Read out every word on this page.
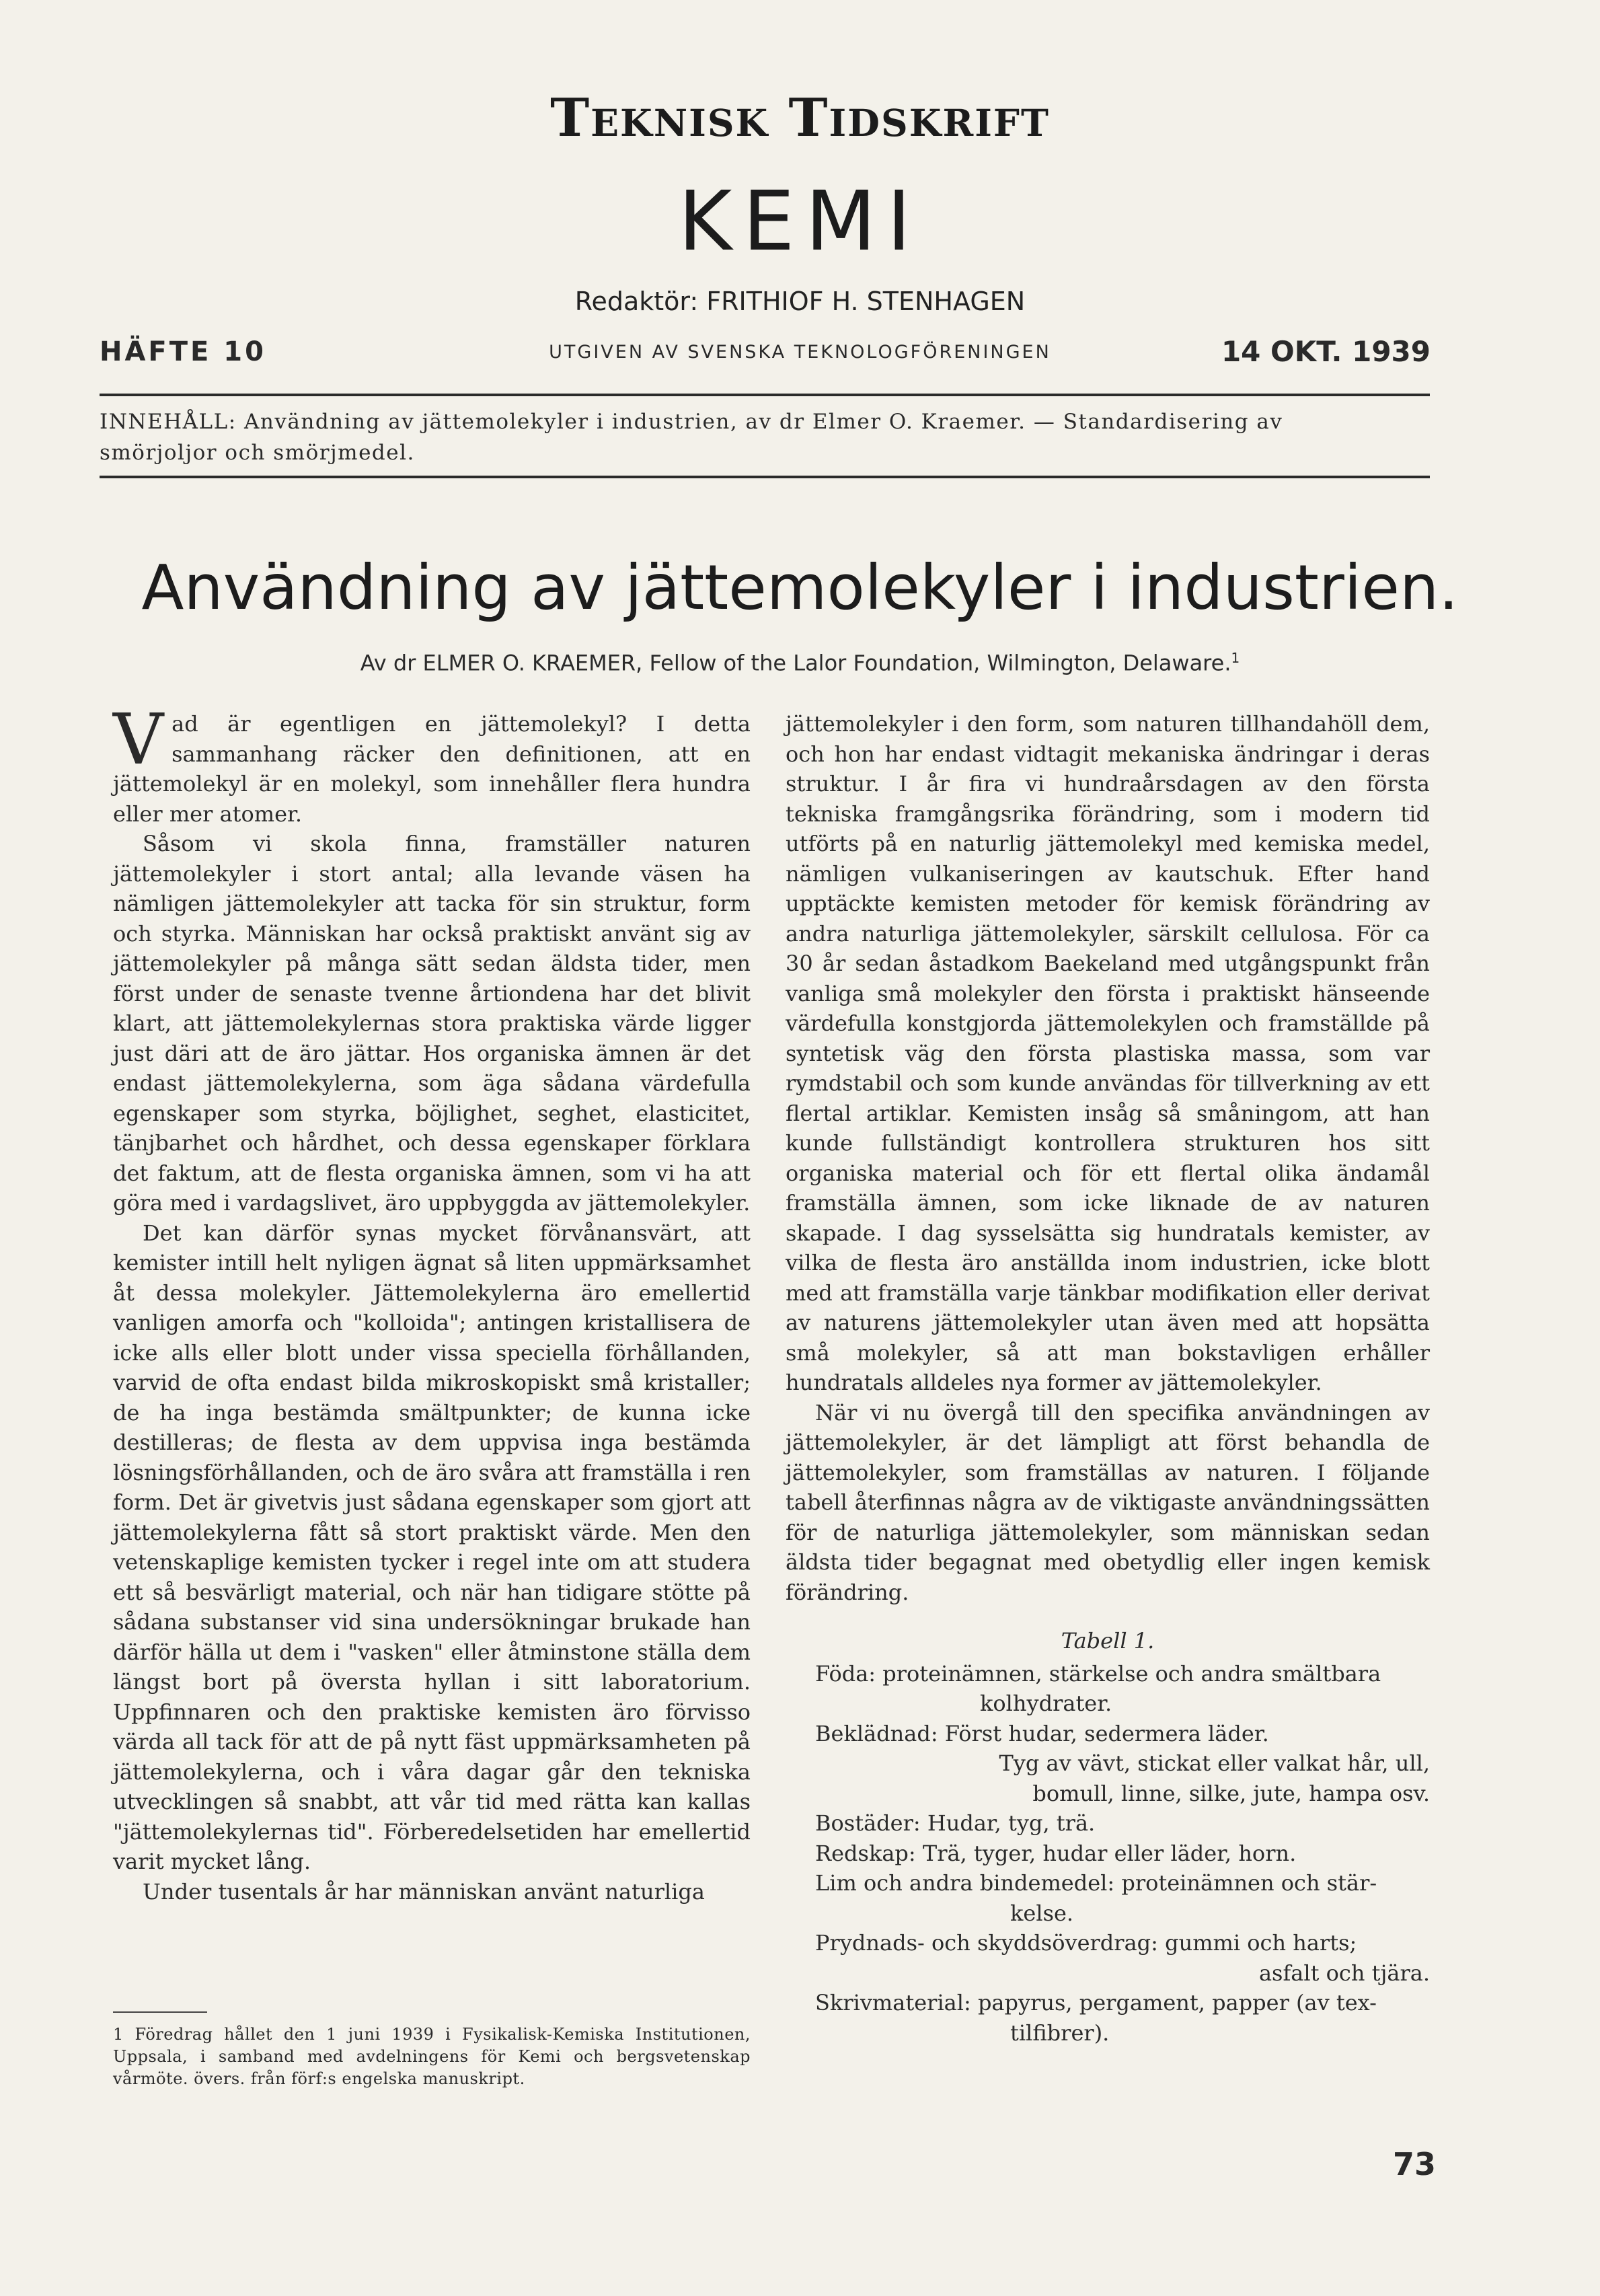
Teknisk Tidskrift
KEMI
Redaktör: FRITHIOF H. STENHAGEN
HÄFTE 10	UTGIVEN AV SVENSKA TEKNOLOGFÖRENINGEN	14 OKT. 1939
INNEHÅLL: Användning av jättemolekyler i industrien, av dr Elmer O. Kraemer. — Standardisering av
smörjoljor och smörjmedel.
Användning av jättemolekyler i industrien.
Av dr ELMER O. KRAEMER, Fellow of the Lalor Foundation, Wilmington, Delaware.$^1$

Vad är egentligen en jättemolekyl? I detta sammanhang räcker den definitionen, att en jättemolekyl är en molekyl, som innehåller flera hundra eller mer atomer.

Såsom vi skola finna, framställer naturen jättemolekyler i stort antal; alla levande väsen ha nämligen jättemolekyler att tacka för sin struktur, form och styrka. Människan har också praktiskt använt sig av jättemolekyler på många sätt sedan äldsta tider, men först under de senaste tvenne årtiondena har det blivit klart, att jättemolekylernas stora praktiska värde ligger just däri att de äro jättar. Hos organiska ämnen är det endast jättemolekylerna, som äga sådana värdefulla egenskaper som styrka, böjlighet, seghet, elasticitet, tänjbarhet och hårdhet, och dessa egenskaper förklara det faktum, att de flesta organiska ämnen, som vi ha att göra med i vardagslivet, äro uppbyggda av jättemolekyler.

Det kan därför synas mycket förvånansvärt, att kemister intill helt nyligen ägnat så liten uppmärksamhet åt dessa molekyler. Jättemolekylerna äro emellertid vanligen amorfa och "kolloida"; antingen kristallisera de icke alls eller blott under vissa speciella förhållanden, varvid de ofta endast bilda mikroskopiskt små kristaller; de ha inga bestämda smältpunkter; de kunna icke destilleras; de flesta av dem uppvisa inga bestämda lösningsförhållanden, och de äro svåra att framställa i ren form. Det är givetvis just sådana egenskaper som gjort att jättemolekylerna fått så stort praktiskt värde. Men den vetenskaplige kemisten tycker i regel inte om att studera ett så besvärligt material, och när han tidigare stötte på sådana substanser vid sina undersökningar brukade han därför hälla ut dem i "vasken" eller åtminstone ställa dem längst bort på översta hyllan i sitt laboratorium. Uppfinnaren och den praktiske kemisten äro förvisso värda all tack för att de på nytt fäst uppmärksamheten på jättemolekylerna, och i våra dagar går den tekniska utvecklingen så snabbt, att vår tid med rätta kan kallas "jättemolekylernas tid". Förberedelsetiden har emellertid varit mycket lång.

Under tusentals år har människan använt naturliga

1 Föredrag hållet den 1 juni 1939 i Fysikalisk-Kemiska Institutionen, Uppsala, i samband med avdelningens för Kemi och bergsvetenskap vårmöte. övers. från förf:s engelska manuskript.

jättemolekyler i den form, som naturen tillhandahöll dem, och hon har endast vidtagit mekaniska ändringar i deras struktur. I år fira vi hundraårsdagen av den första tekniska framgångsrika förändring, som i modern tid utförts på en naturlig jättemolekyl med kemiska medel, nämligen vulkaniseringen av kautschuk. Efter hand upptäckte kemisten metoder för kemisk förändring av andra naturliga jättemolekyler, särskilt cellulosa. För ca 30 år sedan åstadkom Baekeland med utgångspunkt från vanliga små molekyler den första i praktiskt hänseende värdefulla konstgjorda jättemolekylen och framställde på syntetisk väg den första plastiska massa, som var rymdstabil och som kunde användas för tillverkning av ett flertal artiklar. Kemisten insåg så småningom, att han kunde fullständigt kontrollera strukturen hos sitt organiska material och för ett flertal olika ändamål framställa ämnen, som icke liknade de av naturen skapade. I dag sysselsätta sig hundratals kemister, av vilka de flesta äro anställda inom industrien, icke blott med att framställa varje tänkbar modifikation eller derivat av naturens jättemolekyler utan även med att hopsätta små molekyler, så att man bokstavligen erhåller hundratals alldeles nya former av jättemolekyler.

När vi nu övergå till den specifika användningen av jättemolekyler, är det lämpligt att först behandla de jättemolekyler, som framställas av naturen. I följande tabell återfinnas några av de viktigaste användningssätten för de naturliga jättemolekyler, som människan sedan äldsta tider begagnat med obetydlig eller ingen kemisk förändring.

Tabell 1.

Föda: proteinämnen, stärkelse och andra smältbara

kolhydrater.

Beklädnad: Först hudar, sedermera läder.

Tyg av vävt, stickat eller valkat hår, ull,

bomull, linne, silke, jute, hampa osv.

Bostäder: Hudar, tyg, trä.

Redskap: Trä, tyger, hudar eller läder, horn.

Lim och andra bindemedel: proteinämnen och stär-

kelse.

Prydnads- och skyddsöverdrag: gummi och harts;

asfalt och tjära.

Skrivmaterial: papyrus, pergament, papper (av tex-

tilfibrer).

73
